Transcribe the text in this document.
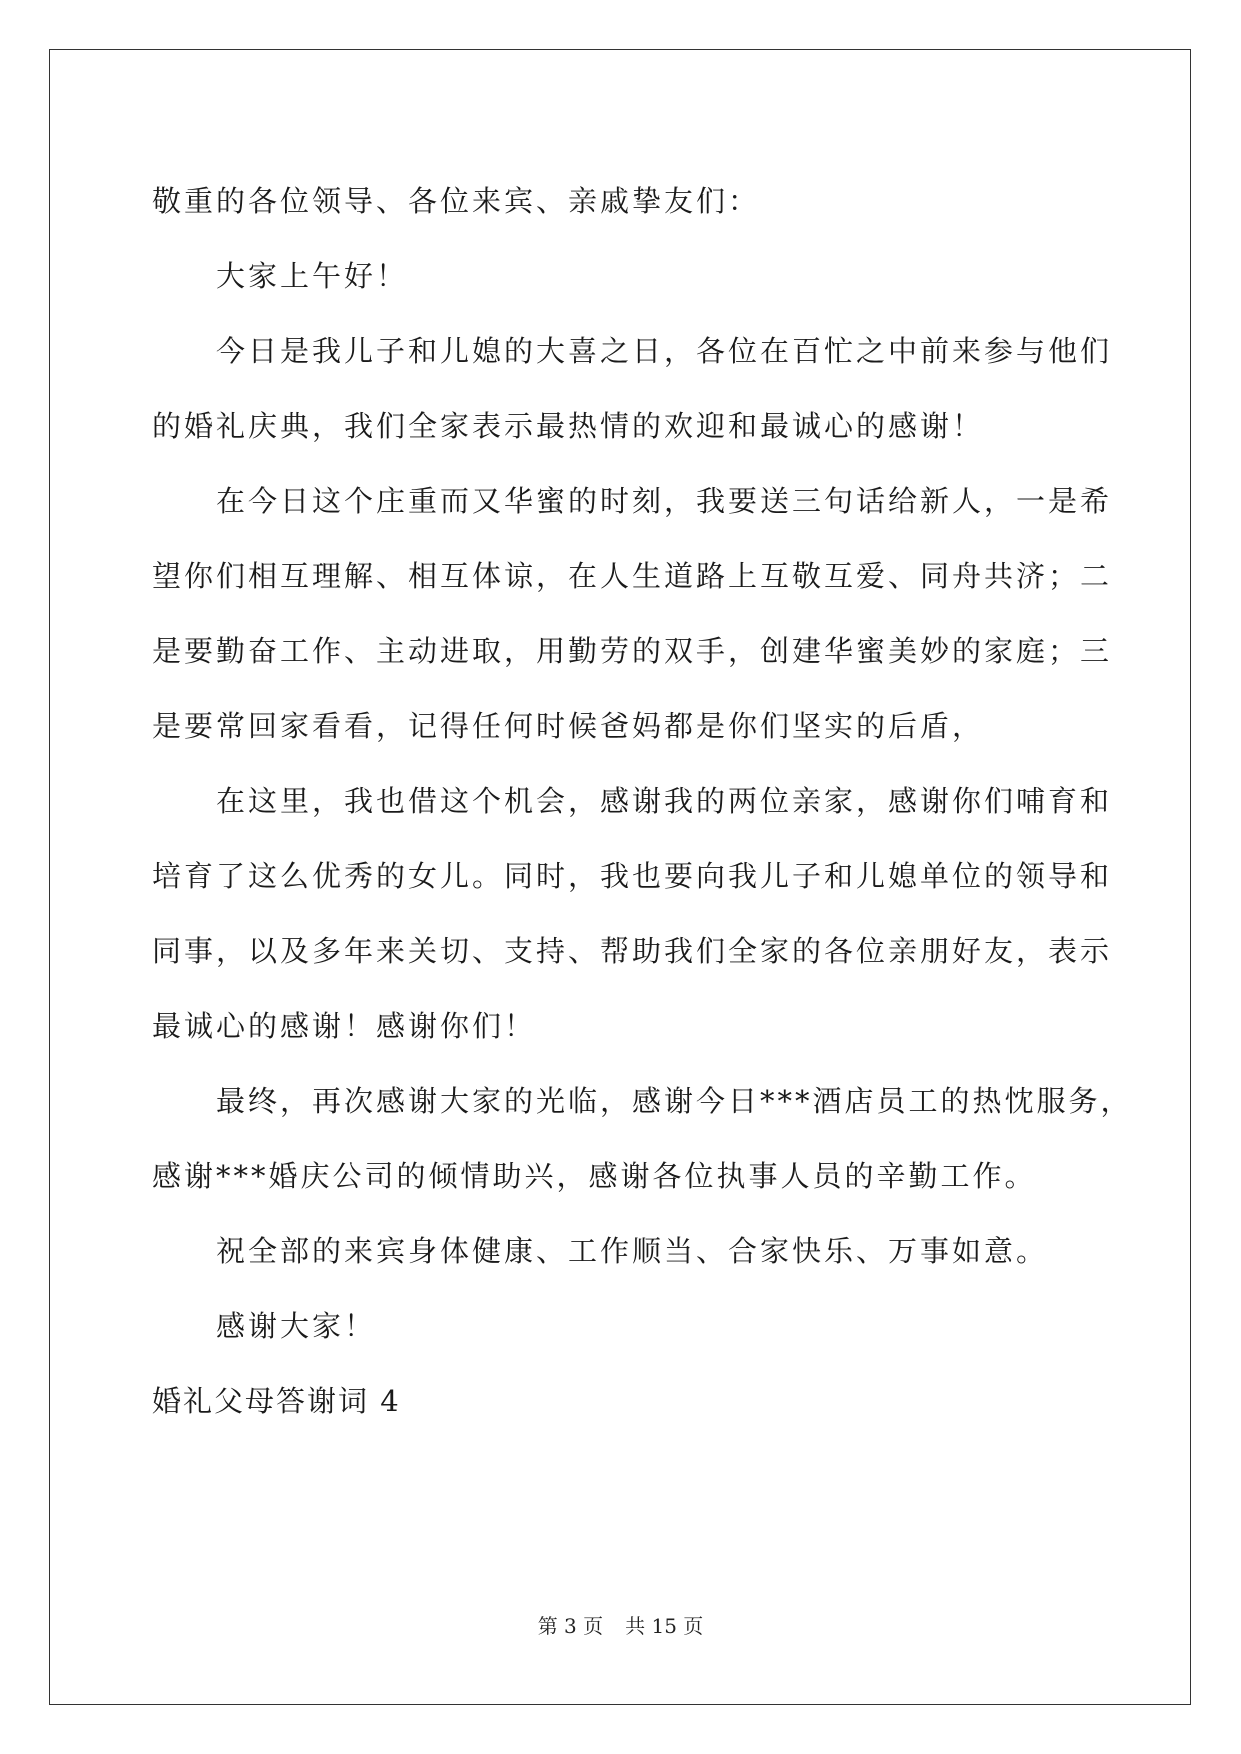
敬重的各位领导、各位来宾、亲戚挚友们：
大家上午好！
今日是我儿子和儿媳的大喜之日，各位在百忙之中前来参与他们
的婚礼庆典，我们全家表示最热情的欢迎和最诚心的感谢！
在今日这个庄重而又华蜜的时刻，我要送三句话给新人，一是希
望你们相互理解、相互体谅，在人生道路上互敬互爱、同舟共济；二
是要勤奋工作、主动进取，用勤劳的双手，创建华蜜美妙的家庭；三
是要常回家看看，记得任何时候爸妈都是你们坚实的后盾，
在这里，我也借这个机会，感谢我的两位亲家，感谢你们哺育和
培育了这么优秀的女儿。同时，我也要向我儿子和儿媳单位的领导和
同事，以及多年来关切、支持、帮助我们全家的各位亲朋好友，表示
最诚心的感谢！感谢你们！
最终，再次感谢大家的光临，感谢今日***酒店员工的热忱服务，
感谢***婚庆公司的倾情助兴，感谢各位执事人员的辛勤工作。
祝全部的来宾身体健康、工作顺当、合家快乐、万事如意。
感谢大家！
婚礼父母答谢词 4
第 3 页 共 15 页
